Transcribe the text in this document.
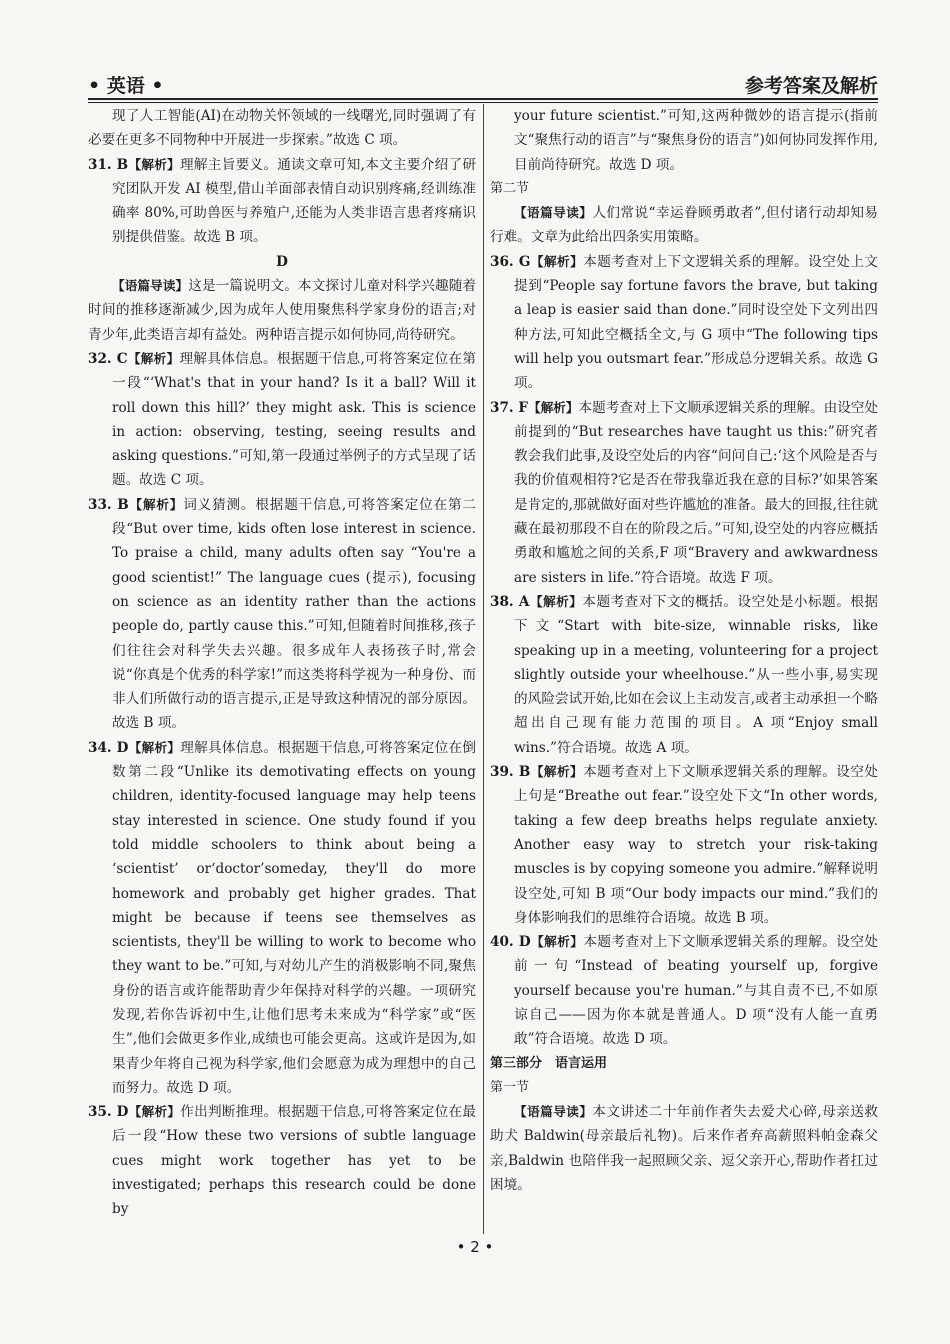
• 英语 •	参考答案及解析

现了人工智能(AI)在动物关怀领域的一线曙光,同时强调了有必要在更多不同物种中开展进一步探索。”故选 C 项。

31. B【解析】理解主旨要义。通读文章可知,本文主要介绍了研究团队开发 AI 模型,借山羊面部表情自动识别疼痛,经训练准确率 80%,可助兽医与养殖户,还能为人类非语言患者疼痛识别提供借鉴。故选 B 项。

D

【语篇导读】这是一篇说明文。本文探讨儿童对科学兴趣随着时间的推移逐渐减少,因为成年人使用聚焦科学家身份的语言;对青少年,此类语言却有益处。两种语言提示如何协同,尚待研究。

32. C【解析】理解具体信息。根据题干信息,可将答案定位在第一段“‘What's that in your hand? Is it a ball? Will it roll down this hill?’ they might ask. This is science in action: observing, testing, seeing results and asking questions.”可知,第一段通过举例子的方式呈现了话题。故选 C 项。

33. B【解析】词义猜测。根据题干信息,可将答案定位在第二段“But over time, kids often lose interest in science. To praise a child, many adults often say “You're a good scientist!” The language cues (提示), focusing on science as an identity rather than the actions people do, partly cause this.”可知,但随着时间推移,孩子们往往会对科学失去兴趣。很多成年人表扬孩子时,常会说“你真是个优秀的科学家!”而这类将科学视为一种身份、而非人们所做行动的语言提示,正是导致这种情况的部分原因。故选 B 项。

34. D【解析】理解具体信息。根据题干信息,可将答案定位在倒数第二段“Unlike its demotivating effects on young children, identity-focused language may help teens stay interested in science. One study found if you told middle schoolers to think about being a ‘scientist’ or‘doctor’someday, they'll do more homework and probably get higher grades. That might be because if teens see themselves as scientists, they'll be willing to work to become who they want to be.”可知,与对幼儿产生的消极影响不同,聚焦身份的语言或许能帮助青少年保持对科学的兴趣。一项研究发现,若你告诉初中生,让他们思考未来成为“科学家”或“医生”,他们会做更多作业,成绩也可能会更高。这或许是因为,如果青少年将自己视为科学家,他们会愿意为成为理想中的自己而努力。故选 D 项。

35. D【解析】作出判断推理。根据题干信息,可将答案定位在最后一段“How these two versions of subtle language cues might work together has yet to be investigated; perhaps this research could be done by

your future scientist.”可知,这两种微妙的语言提示(指前文“聚焦行动的语言”与“聚焦身份的语言”)如何协同发挥作用,目前尚待研究。故选 D 项。

第二节

【语篇导读】人们常说“幸运眷顾勇敢者”,但付诸行动却知易行难。文章为此给出四条实用策略。

36. G【解析】本题考查对上下文逻辑关系的理解。设空处上文提到“People say fortune favors the brave, but taking a leap is easier said than done.”同时设空处下文列出四种方法,可知此空概括全文,与 G 项中“The following tips will help you outsmart fear.”形成总分逻辑关系。故选 G 项。

37. F【解析】本题考查对上下文顺承逻辑关系的理解。由设空处前提到的“But researches have taught us this:”研究者教会我们此事,及设空处后的内容“问问自己:‘这个风险是否与我的价值观相符?它是否在带我靠近我在意的目标?’如果答案是肯定的,那就做好面对些许尴尬的准备。最大的回报,往往就藏在最初那段不自在的阶段之后。”可知,设空处的内容应概括勇敢和尴尬之间的关系,F 项“Bravery and awkwardness are sisters in life.”符合语境。故选 F 项。

38. A【解析】本题考查对下文的概括。设空处是小标题。根据下文“Start with bite-size, winnable risks, like speaking up in a meeting, volunteering for a project slightly outside your wheelhouse.”从一些小事,易实现的风险尝试开始,比如在会议上主动发言,或者主动承担一个略超出自己现有能力范围的项目。A 项“Enjoy small wins.”符合语境。故选 A 项。

39. B【解析】本题考查对上下文顺承逻辑关系的理解。设空处上句是“Breathe out fear.”设空处下文“In other words, taking a few deep breaths helps regulate anxiety. Another easy way to stretch your risk-taking muscles is by copying someone you admire.”解释说明设空处,可知 B 项“Our body impacts our mind.”我们的身体影响我们的思维符合语境。故选 B 项。

40. D【解析】本题考查对上下文顺承逻辑关系的理解。设空处前一句“Instead of beating yourself up, forgive yourself because you're human.”与其自责不已,不如原谅自己——因为你本就是普通人。D 项“没有人能一直勇敢”符合语境。故选 D 项。

第三部分　语言运用

第一节

【语篇导读】本文讲述二十年前作者失去爱犬心碎,母亲送救助犬 Baldwin(母亲最后礼物)。后来作者弃高薪照料帕金森父亲,Baldwin 也陪伴我一起照顾父亲、逗父亲开心,帮助作者扛过困境。

• 2 •
